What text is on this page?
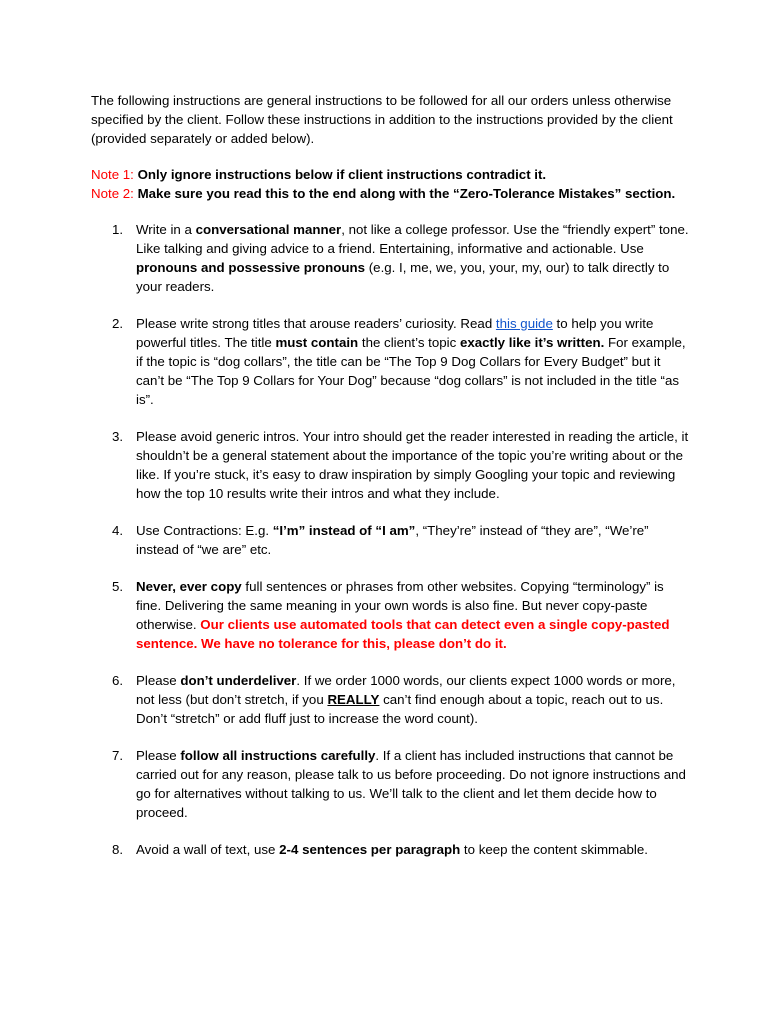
The following instructions are general instructions to be followed for all our orders unless otherwise specified by the client. Follow these instructions in addition to the instructions provided by the client (provided separately or added below).

Note 1: Only ignore instructions below if client instructions contradict it.

Note 2: Make sure you read this to the end along with the “Zero-Tolerance Mistakes” section.

1. Write in a conversational manner, not like a college professor. Use the “friendly expert” tone. Like talking and giving advice to a friend. Entertaining, informative and actionable. Use pronouns and possessive pronouns (e.g. I, me, we, you, your, my, our) to talk directly to your readers.
2. Please write strong titles that arouse readers’ curiosity. Read this guide to help you write powerful titles. The title must contain the client’s topic exactly like it’s written. For example, if the topic is “dog collars”, the title can be “The Top 9 Dog Collars for Every Budget” but it can’t be “The Top 9 Collars for Your Dog” because “dog collars” is not included in the title “as is”.
3. Please avoid generic intros. Your intro should get the reader interested in reading the article, it shouldn’t be a general statement about the importance of the topic you’re writing about or the like. If you’re stuck, it’s easy to draw inspiration by simply Googling your topic and reviewing how the top 10 results write their intros and what they include.
4. Use Contractions: E.g. “I’m” instead of “I am”, “They’re” instead of “they are”, “We’re” instead of “we are” etc.
5. Never, ever copy full sentences or phrases from other websites. Copying “terminology” is fine. Delivering the same meaning in your own words is also fine. But never copy-paste otherwise. Our clients use automated tools that can detect even a single copy-pasted sentence. We have no tolerance for this, please don’t do it.
6. Please don’t underdeliver. If we order 1000 words, our clients expect 1000 words or more, not less (but don’t stretch, if you REALLY can’t find enough about a topic, reach out to us. Don’t “stretch” or add fluff just to increase the word count).
7. Please follow all instructions carefully. If a client has included instructions that cannot be carried out for any reason, please talk to us before proceeding. Do not ignore instructions and go for alternatives without talking to us. We’ll talk to the client and let them decide how to proceed.
8. Avoid a wall of text, use 2-4 sentences per paragraph to keep the content skimmable.
